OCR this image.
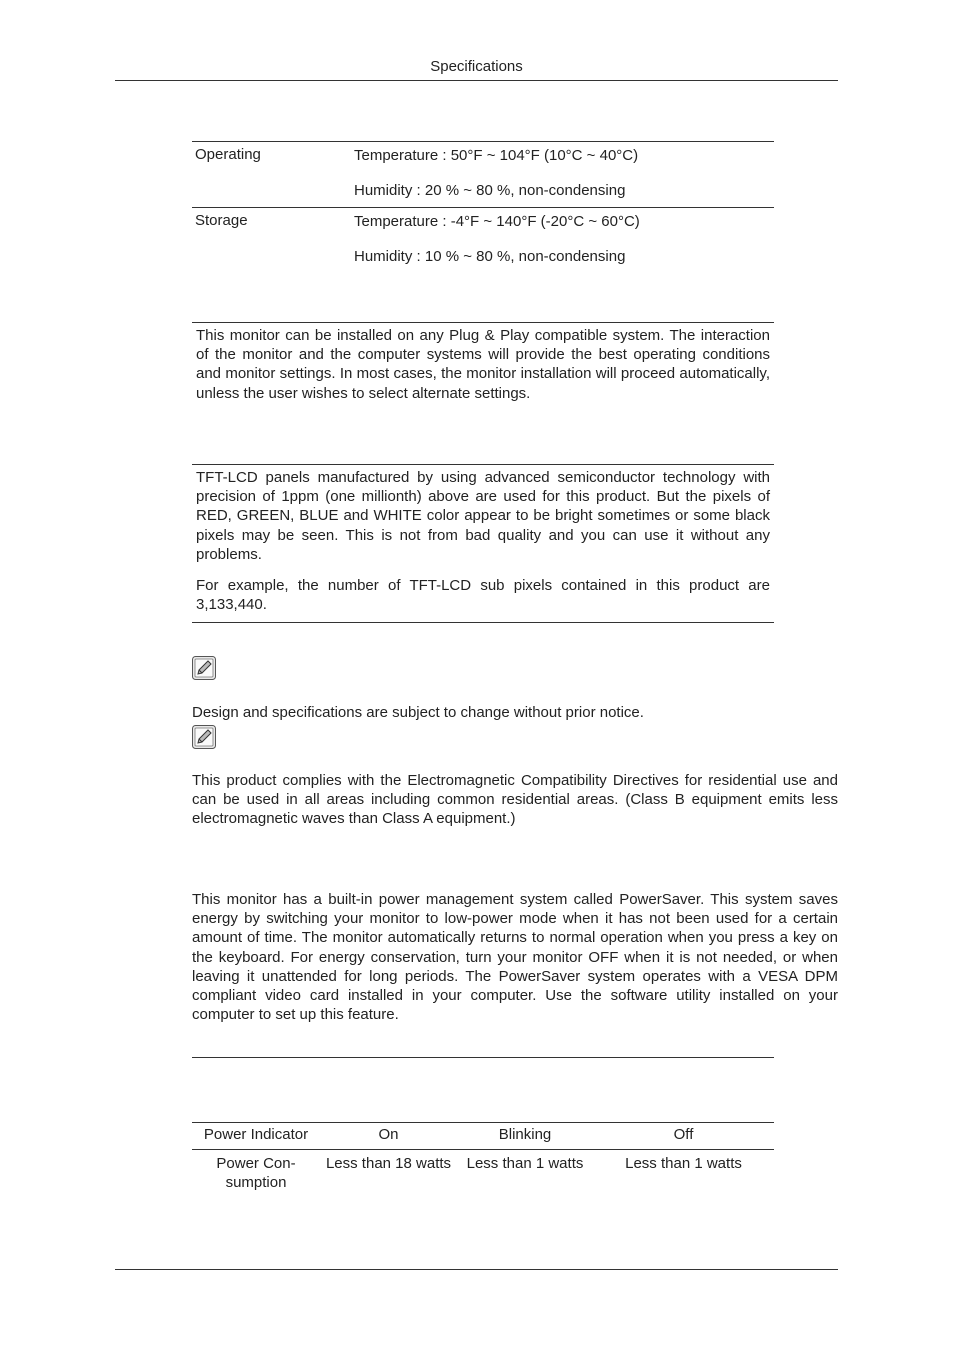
Specifications
Operating	Temperature : 50°F ~ 104°F (10°C ~ 40°C)

Humidity : 20 % ~ 80 %, non-condensing

Storage	Temperature : -4°F ~ 140°F (-20°C ~ 60°C)

Humidity : 10 % ~ 80 %, non-condensing

This monitor can be installed on any Plug & Play compatible system. The interaction of the monitor and the computer systems will provide the best operating conditions and monitor settings. In most cases, the monitor installation will proceed automatically, unless the user wishes to select alternate settings.

TFT-LCD panels manufactured by using advanced semiconductor technology with precision of 1ppm (one millionth) above are used for this product. But the pixels of RED, GREEN, BLUE and WHITE color appear to be bright sometimes or some black pixels may be seen. This is not from bad quality and you can use it without any problems.

For example, the number of TFT-LCD sub pixels contained in this product are 3,133,440.

Design and specifications are subject to change without prior notice.

This product complies with the Electromagnetic Compatibility Directives for residential use and can be used in all areas including common residential areas. (Class B equipment emits less electromagnetic waves than Class A equipment.)

This monitor has a built-in power management system called PowerSaver. This system saves energy by switching your monitor to low-power mode when it has not been used for a certain amount of time. The monitor automatically returns to normal operation when you press a key on the keyboard. For energy conservation, turn your monitor OFF when it is not needed, or when leaving it unattended for long periods. The PowerSaver system operates with a VESA DPM compliant video card installed in your computer. Use the software utility installed on your computer to set up this feature.

Power Indicator	On	Blinking	Off

Power Con-sumption	Less than 18 watts	Less than 1 watts	Less than 1 watts
